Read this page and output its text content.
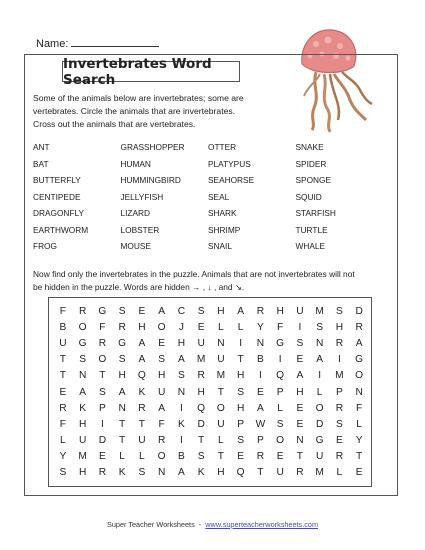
Name:
Invertebrates Word Search

Some of the animals below are invertebrates; some are

vertebrates. Circle the animals that are invertebrates.

Cross out the animals that are vertebrates.

ANT	GRASSHOPPER	OTTER	SNAKE
BAT	HUMAN	PLATYPUS	SPIDER
BUTTERFLY	HUMMINGBIRD	SEAHORSE	SPONGE
CENTIPEDE	JELLYFISH	SEAL	SQUID
DRAGONFLY	LIZARD	SHARK	STARFISH
EARTHWORM	LOBSTER	SHRIMP	TURTLE
FROG	MOUSE	SNAIL	WHALE
Now find only the invertebrates in the puzzle. Animals that are not invertebrates will not
be hidden in the puzzle. Words are hidden → , ↓ , and ↘.
F	R	G	S	E	A	C	S	H	A	R	H	U	M	S	D
B	O	F	R	H	O	J	E	L	L	Y	F	I	S	H	R
U	G	R	G	A	E	H	U	N	I	N	G	S	N	R	A
T	S	O	S	A	S	A	M	U	T	B	I	E	A	I	G
T	N	T	H	Q	H	S	R	M	H	I	Q	A	I	M	O
E	A	S	A	K	U	N	H	T	S	E	P	H	L	P	N
R	K	P	N	R	A	I	Q	O	H	A	L	E	O	R	F
F	H	I	T	T	F	K	D	U	P	W	S	E	D	S	L
L	U	D	T	U	R	I	T	L	S	P	O	N	G	E	Y
Y	M	E	L	L	O	B	S	T	E	R	E	T	U	R	T
S	H	R	K	S	N	A	K	H	Q	T	U	R	M	L	E
Super Teacher Worksheets - www.superteacherworksheets.com
